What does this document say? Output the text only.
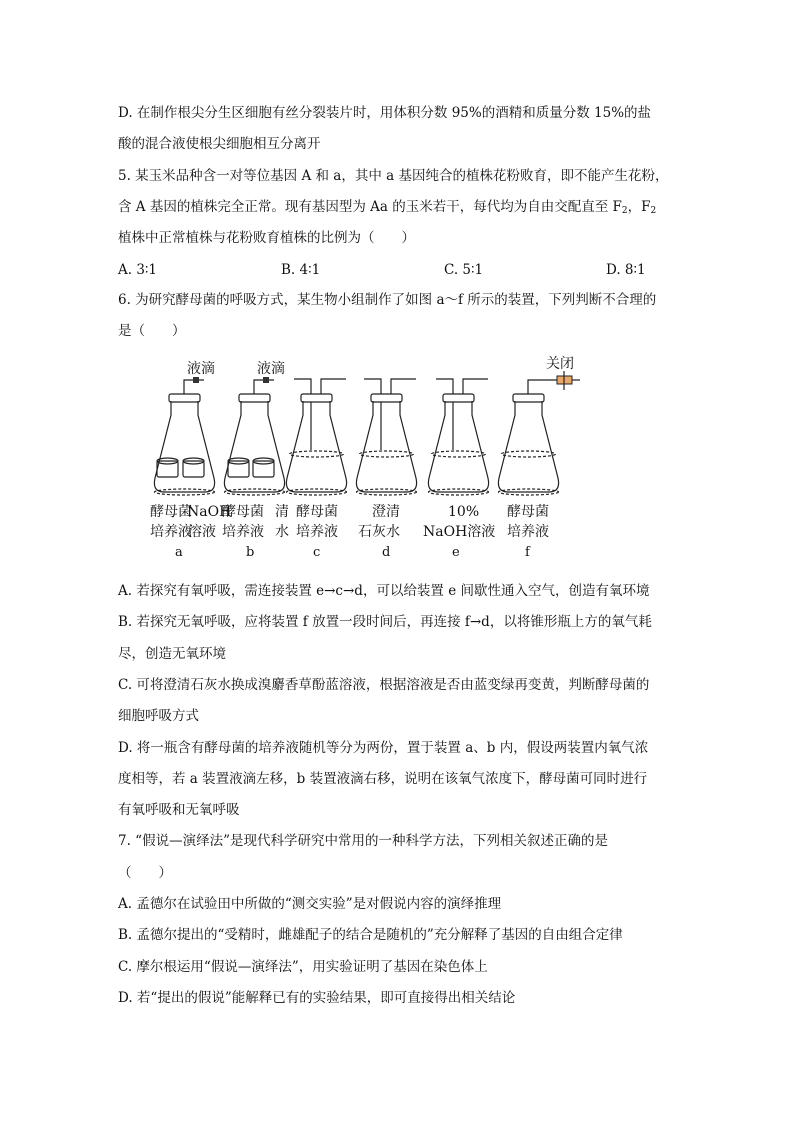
D. 在制作根尖分生区细胞有丝分裂装片时，用体积分数 95%的酒精和质量分数 15%的盐
酸的混合液使根尖细胞相互分离开
5. 某玉米品种含一对等位基因 A 和 a，其中 a 基因纯合的植株花粉败育，即不能产生花粉，
含 A 基因的植株完全正常。现有基因型为 Aa 的玉米若干，每代均为自由交配直至 $F_2$，$F_2$
植株中正常植株与花粉败育植株的比例为（　　）
A. 3∶1	B. 4∶1	C. 5∶1	D. 8∶1
6. 为研究酵母菌的呼吸方式，某生物小组制作了如图 a～f 所示的装置，下列判断不合理的
是（　　）
液滴	液滴	关闭
酵母菌
培养液
NaOH
溶液
酵母菌
培养液
清
水
酵母菌
培养液
澄清
石灰水
10%
NaOH溶液
酵母菌
培养液
a	b	c	d	e	f
A. 若探究有氧呼吸，需连接装置 e→c→d，可以给装置 e 间歇性通入空气，创造有氧环境
B. 若探究无氧呼吸，应将装置 f 放置一段时间后，再连接 f→d，以将锥形瓶上方的氧气耗
尽，创造无氧环境
C. 可将澄清石灰水换成溴麝香草酚蓝溶液，根据溶液是否由蓝变绿再变黄，判断酵母菌的
细胞呼吸方式
D. 将一瓶含有酵母菌的培养液随机等分为两份，置于装置 a、b 内，假设两装置内氧气浓
度相等，若 a 装置液滴左移，b 装置液滴右移，说明在该氧气浓度下，酵母菌可同时进行
有氧呼吸和无氧呼吸
7. “假说—演绎法”是现代科学研究中常用的一种科学方法，下列相关叙述正确的是
（　　）
A. 孟德尔在试验田中所做的“测交实验”是对假说内容的演绎推理
B. 孟德尔提出的“受精时，雌雄配子的结合是随机的”充分解释了基因的自由组合定律
C. 摩尔根运用“假说—演绎法”，用实验证明了基因在染色体上
D. 若“提出的假说”能解释已有的实验结果，即可直接得出相关结论
